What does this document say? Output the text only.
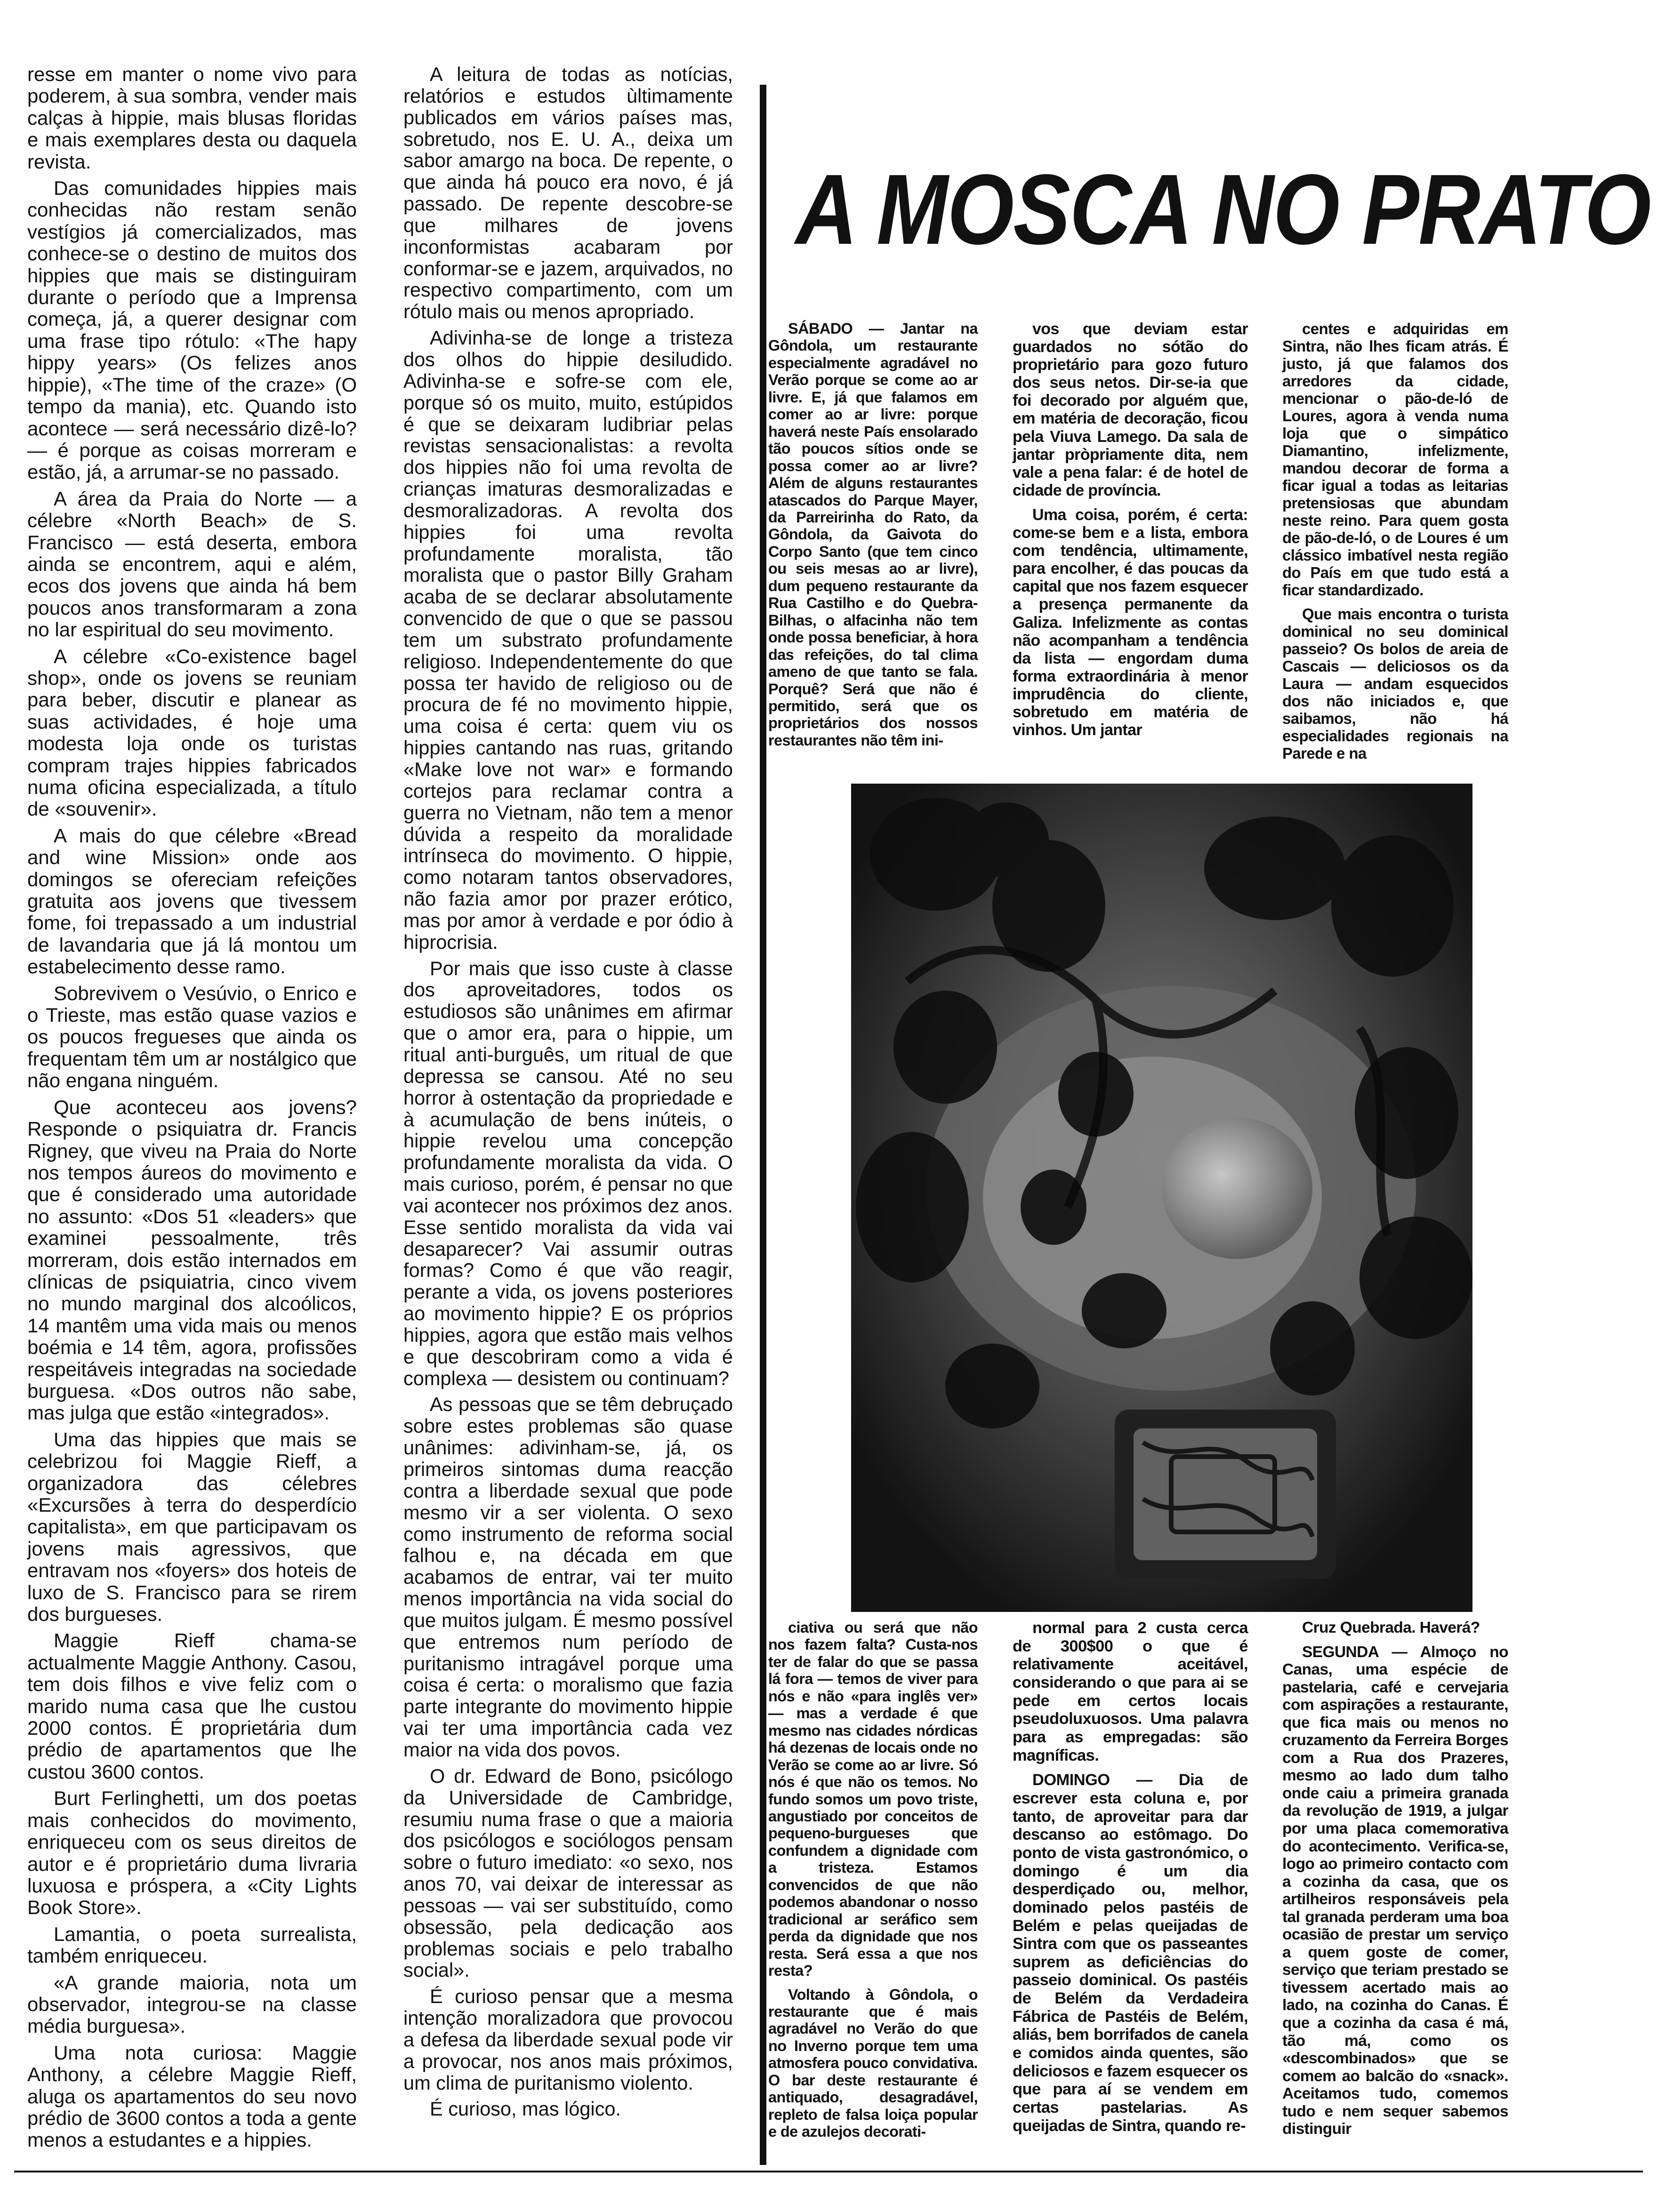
resse em manter o nome vivo para poderem, à sua sombra, vender mais calças à hippie, mais blusas floridas e mais exemplares desta ou daquela revista.

Das comunidades hippies mais conhecidas não restam senão vestígios já comercializados, mas conhece-se o destino de muitos dos hippies que mais se distinguiram durante o período que a Imprensa começa, já, a querer designar com uma frase tipo rótulo: «The hapy hippy years» (Os felizes anos hippie), «The time of the craze» (O tempo da mania), etc. Quando isto acontece — será necessário dizê-lo? — é porque as coisas morreram e estão, já, a arrumar-se no passado.

A área da Praia do Norte — a célebre «North Beach» de S. Francisco — está deserta, embora ainda se encontrem, aqui e além, ecos dos jovens que ainda há bem poucos anos transformaram a zona no lar espiritual do seu movimento.

A célebre «Co-existence bagel shop», onde os jovens se reuniam para beber, discutir e planear as suas actividades, é hoje uma modesta loja onde os turistas compram trajes hippies fabricados numa oficina especializada, a título de «souvenir».

A mais do que célebre «Bread and wine Mission» onde aos domingos se ofereciam refeições gratuita aos jovens que tivessem fome, foi trepassado a um industrial de lavandaria que já lá montou um estabelecimento desse ramo.

Sobrevivem o Vesúvio, o Enrico e o Trieste, mas estão quase vazios e os poucos fregueses que ainda os frequentam têm um ar nostálgico que não engana ninguém.

Que aconteceu aos jovens? Responde o psiquiatra dr. Francis Rigney, que viveu na Praia do Norte nos tempos áureos do movimento e que é considerado uma autoridade no assunto: «Dos 51 «leaders» que examinei pessoalmente, três morreram, dois estão internados em clínicas de psiquiatria, cinco vivem no mundo marginal dos alcoólicos, 14 mantêm uma vida mais ou menos boémia e 14 têm, agora, profissões respeitáveis integradas na sociedade burguesa. «Dos outros não sabe, mas julga que estão «integrados».

Uma das hippies que mais se celebrizou foi Maggie Rieff, a organizadora das célebres «Excursões à terra do desperdício capitalista», em que participavam os jovens mais agressivos, que entravam nos «foyers» dos hoteis de luxo de S. Francisco para se rirem dos burgueses.

Maggie Rieff chama-se actualmente Maggie Anthony. Casou, tem dois filhos e vive feliz com o marido numa casa que lhe custou 2000 contos. É proprietária dum prédio de apartamentos que lhe custou 3600 contos.

Burt Ferlinghetti, um dos poetas mais conhecidos do movimento, enriqueceu com os seus direitos de autor e é proprietário duma livraria luxuosa e próspera, a «City Lights Book Store».

Lamantia, o poeta surrealista, também enriqueceu.

«A grande maioria, nota um observador, integrou-se na classe média burguesa».

Uma nota curiosa: Maggie Anthony, a célebre Maggie Rieff, aluga os apartamentos do seu novo prédio de 3600 contos a toda a gente menos a estudantes e a hippies.

A leitura de todas as notícias, relatórios e estudos ùltimamente publicados em vários países mas, sobretudo, nos E. U. A., deixa um sabor amargo na boca. De repente, o que ainda há pouco era novo, é já passado. De repente descobre-se que milhares de jovens inconformistas acabaram por conformar-se e jazem, arquivados, no respectivo compartimento, com um rótulo mais ou menos apropriado.

Adivinha-se de longe a tristeza dos olhos do hippie desiludido. Adivinha-se e sofre-se com ele, porque só os muito, muito, estúpidos é que se deixaram ludibriar pelas revistas sensacionalistas: a revolta dos hippies não foi uma revolta de crianças imaturas desmoralizadas e desmoralizadoras. A revolta dos hippies foi uma revolta profundamente moralista, tão moralista que o pastor Billy Graham acaba de se declarar absolutamente convencido de que o que se passou tem um substrato profundamente religioso. Independentemente do que possa ter havido de religioso ou de procura de fé no movimento hippie, uma coisa é certa: quem viu os hippies cantando nas ruas, gritando «Make love not war» e formando cortejos para reclamar contra a guerra no Vietnam, não tem a menor dúvida a respeito da moralidade intrínseca do movimento. O hippie, como notaram tantos observadores, não fazia amor por prazer erótico, mas por amor à verdade e por ódio à hiprocrisia.

Por mais que isso custe à classe dos aproveitadores, todos os estudiosos são unânimes em afirmar que o amor era, para o hippie, um ritual anti-burguês, um ritual de que depressa se cansou. Até no seu horror à ostentação da propriedade e à acumulação de bens inúteis, o hippie revelou uma concepção profundamente moralista da vida. O mais curioso, porém, é pensar no que vai acontecer nos próximos dez anos. Esse sentido moralista da vida vai desaparecer? Vai assumir outras formas? Como é que vão reagir, perante a vida, os jovens posteriores ao movimento hippie? E os próprios hippies, agora que estão mais velhos e que descobriram como a vida é complexa — desistem ou continuam?

As pessoas que se têm debruçado sobre estes problemas são quase unânimes: adivinham-se, já, os primeiros sintomas duma reacção contra a liberdade sexual que pode mesmo vir a ser violenta. O sexo como instrumento de reforma social falhou e, na década em que acabamos de entrar, vai ter muito menos importância na vida social do que muitos julgam. É mesmo possível que entremos num período de puritanismo intragável porque uma coisa é certa: o moralismo que fazia parte integrante do movimento hippie vai ter uma importância cada vez maior na vida dos povos.

O dr. Edward de Bono, psicólogo da Universidade de Cambridge, resumiu numa frase o que a maioria dos psicólogos e sociólogos pensam sobre o futuro imediato: «o sexo, nos anos 70, vai deixar de interessar as pessoas — vai ser substituído, como obsessão, pela dedicação aos problemas sociais e pelo trabalho social».

É curioso pensar que a mesma intenção moralizadora que provocou a defesa da liberdade sexual pode vir a provocar, nos anos mais próximos, um clima de puritanismo violento.

É curioso, mas lógico.

A MOSCA NO PRATO

SÁBADO — Jantar na Gôndola, um restaurante especialmente agradável no Verão porque se come ao ar livre. E, já que falamos em comer ao ar livre: porque haverá neste País ensolarado tão poucos sítios onde se possa comer ao ar livre? Além de alguns restaurantes atascados do Parque Mayer, da Parreirinha do Rato, da Gôndola, da Gaivota do Corpo Santo (que tem cinco ou seis mesas ao ar livre), dum pequeno restaurante da Rua Castilho e do Quebra-Bilhas, o alfacinha não tem onde possa beneficiar, à hora das refeições, do tal clima ameno de que tanto se fala. Porquê? Será que não é permitido, será que os proprietários dos nossos restaurantes não têm ini-

vos que deviam estar guardados no sótão do proprietário para gozo futuro dos seus netos. Dir-se-ia que foi decorado por alguém que, em matéria de decoração, ficou pela Viuva Lamego. Da sala de jantar pròpriamente dita, nem vale a pena falar: é de hotel de cidade de província.

Uma coisa, porém, é certa: come-se bem e a lista, embora com tendência, ultimamente, para encolher, é das poucas da capital que nos fazem esquecer a presença permanente da Galiza. Infelizmente as contas não acompanham a tendência da lista — engordam duma forma extraordinária à menor imprudência do cliente, sobretudo em matéria de vinhos. Um jantar

centes e adquiridas em Sintra, não lhes ficam atrás. É justo, já que falamos dos arredores da cidade, mencionar o pão-de-ló de Loures, agora à venda numa loja que o simpático Diamantino, infelizmente, mandou decorar de forma a ficar igual a todas as leitarias pretensiosas que abundam neste reino. Para quem gosta de pão-de-ló, o de Loures é um clássico imbatível nesta região do País em que tudo está a ficar standardizado.

Que mais encontra o turista dominical no seu dominical passeio? Os bolos de areia de Cascais — deliciosos os da Laura — andam esquecidos dos não iniciados e, que saibamos, não há especialidades regionais na Parede e na

ciativa ou será que não nos fazem falta? Custa-nos ter de falar do que se passa lá fora — temos de viver para nós e não «para inglês ver» — mas a verdade é que mesmo nas cidades nórdicas há dezenas de locais onde no Verão se come ao ar livre. Só nós é que não os temos. No fundo somos um povo triste, angustiado por conceitos de pequeno-burgueses que confundem a dignidade com a tristeza. Estamos convencidos de que não podemos abandonar o nosso tradicional ar seráfico sem perda da dignidade que nos resta. Será essa a que nos resta?

Voltando à Gôndola, o restaurante que é mais agradável no Verão do que no Inverno porque tem uma atmosfera pouco convidativa. O bar deste restaurante é antiquado, desagradável, repleto de falsa loiça popular e de azulejos decorati-

normal para 2 custa cerca de 300$00 o que é relativamente aceitável, considerando o que para ai se pede em certos locais pseudoluxuosos. Uma palavra para as empregadas: são magníficas.

DOMINGO — Dia de escrever esta coluna e, por tanto, de aproveitar para dar descanso ao estômago. Do ponto de vista gastronómico, o domingo é um dia desperdiçado ou, melhor, dominado pelos pastéis de Belém e pelas queijadas de Sintra com que os passeantes suprem as deficiências do passeio dominical. Os pastéis de Belém da Verdadeira Fábrica de Pastéis de Belém, aliás, bem borrifados de canela e comidos ainda quentes, são deliciosos e fazem esquecer os que para aí se vendem em certas pastelarias. As queijadas de Sintra, quando re-

Cruz Quebrada. Haverá?

SEGUNDA — Almoço no Canas, uma espécie de pastelaria, café e cervejaria com aspirações a restaurante, que fica mais ou menos no cruzamento da Ferreira Borges com a Rua dos Prazeres, mesmo ao lado dum talho onde caiu a primeira granada da revolução de 1919, a julgar por uma placa comemorativa do acontecimento. Verifica-se, logo ao primeiro contacto com a cozinha da casa, que os artilheiros responsáveis pela tal granada perderam uma boa ocasião de prestar um serviço a quem goste de comer, serviço que teriam prestado se tivessem acertado mais ao lado, na cozinha do Canas. É que a cozinha da casa é má, tão má, como os «descombinados» que se comem ao balcão do «snack». Aceitamos tudo, comemos tudo e nem sequer sabemos distinguir
